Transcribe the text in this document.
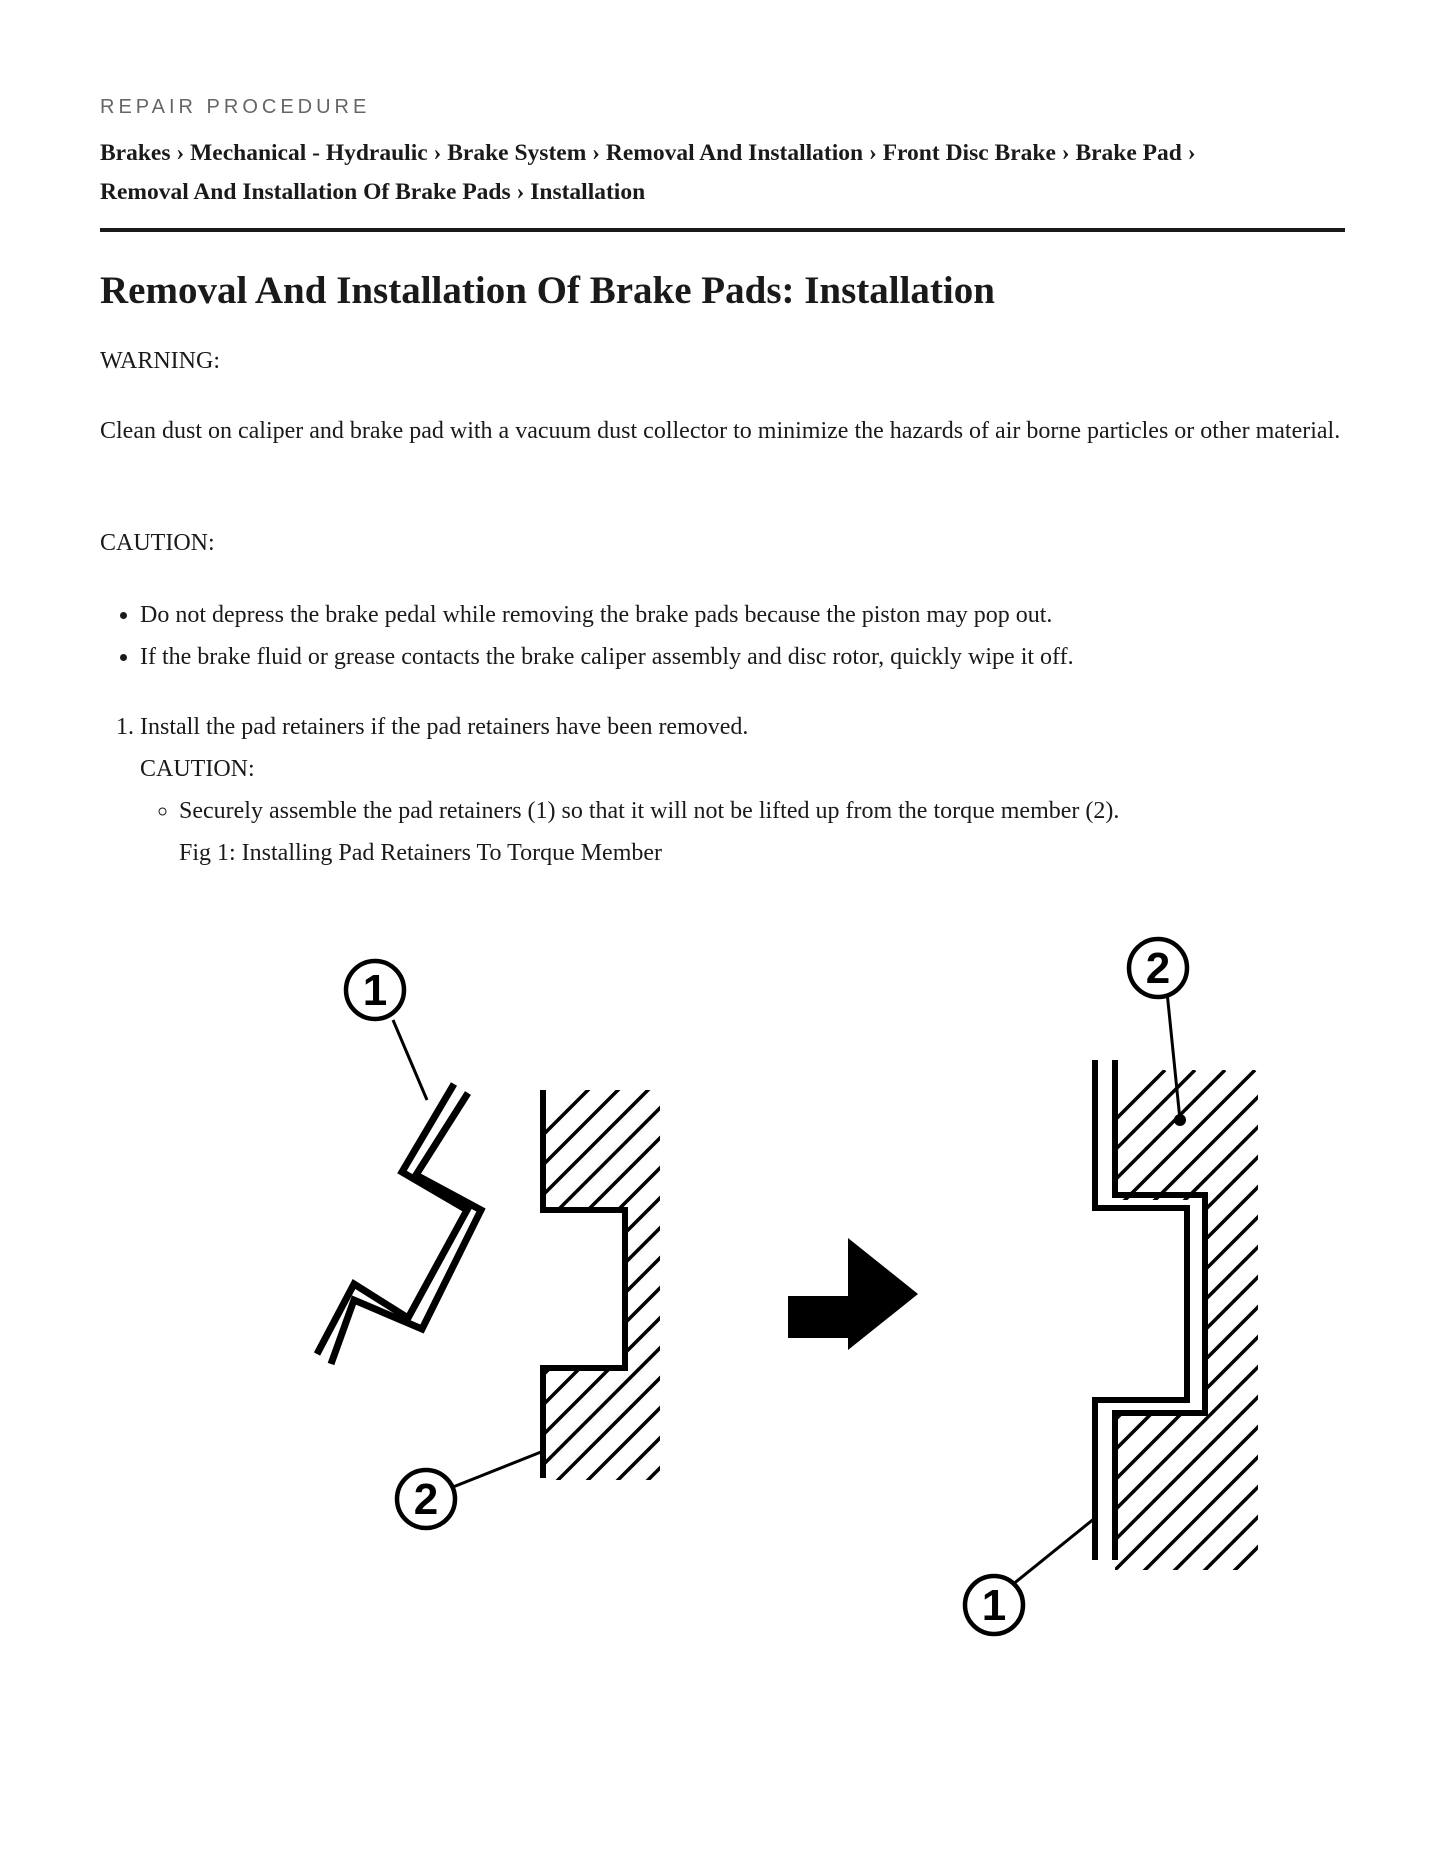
REPAIR PROCEDURE

Brakes › Mechanical - Hydraulic › Brake System › Removal And Installation › Front Disc Brake › Brake Pad ›
Removal And Installation Of Brake Pads › Installation
Removal And Installation Of Brake Pads: Installation

WARNING:

Clean dust on caliper and brake pad with a vacuum dust collector to minimize the hazards of air borne particles or other material.

CAUTION:

• Do not depress the brake pedal while removing the brake pads because the piston may pop out.
• If the brake fluid or grease contacts the brake caliper assembly and disc rotor, quickly wipe it off.
1. Install the pad retainers if the pad retainers have been removed.
CAUTION:
◦ Securely assemble the pad retainers (1) so that it will not be lifted up from the torque member (2).
Fig 1: Installing Pad Retainers To Torque Member
1
2
2
1
